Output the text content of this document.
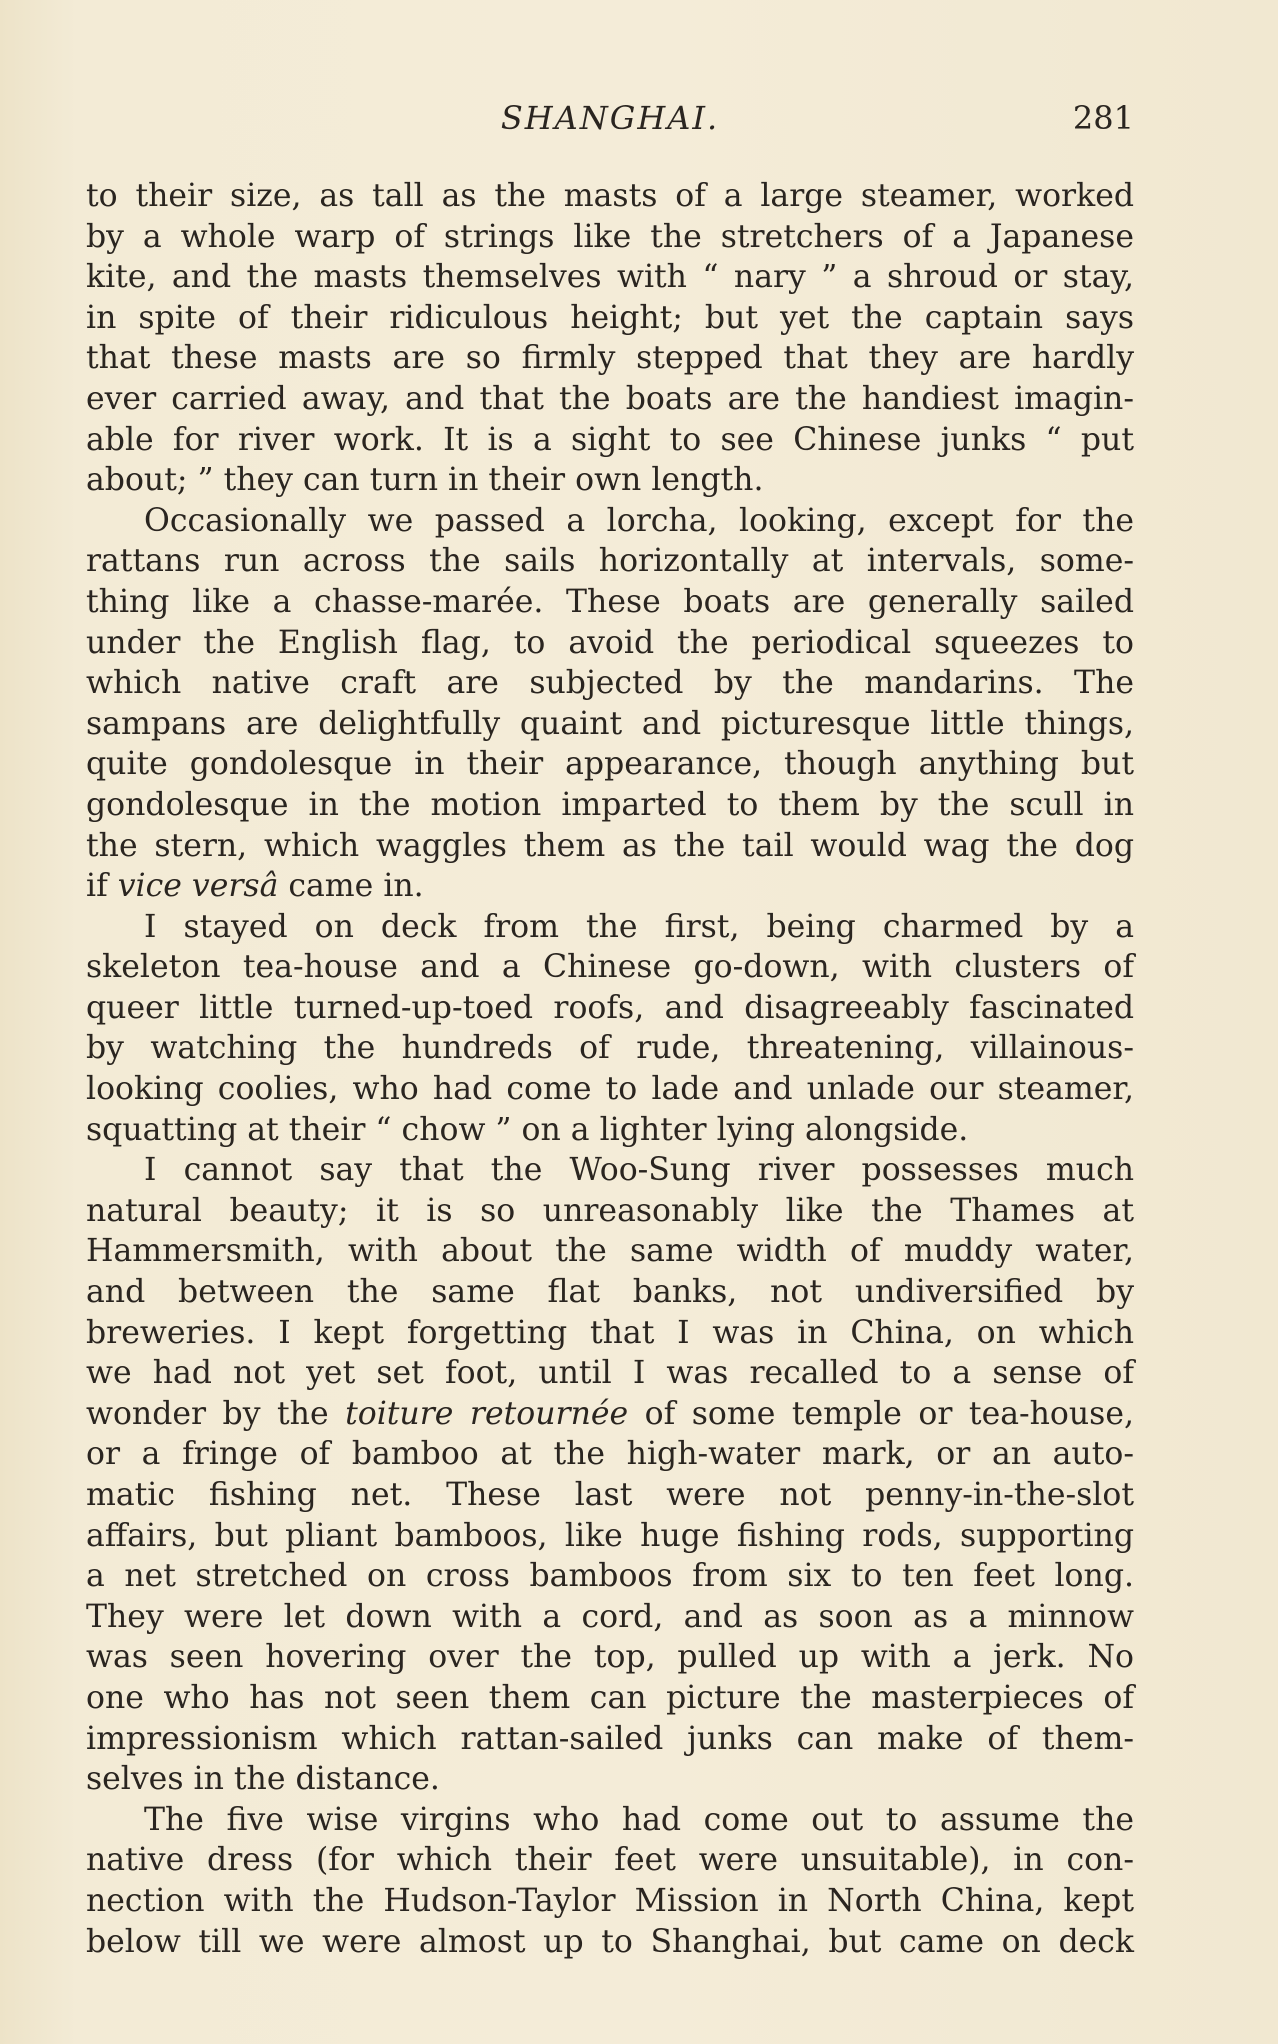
SHANGHAI.	281
to their size, as tall as the masts of a large steamer, worked
by a whole warp of strings like the stretchers of a Japanese
kite, and the masts themselves with “ nary ” a shroud or stay,
in spite of their ridiculous height; but yet the captain says
that these masts are so firmly stepped that they are hardly
ever carried away, and that the boats are the handiest imagin-
able for river work. It is a sight to see Chinese junks “ put
about; ” they can turn in their own length.
Occasionally we passed a lorcha, looking, except for the
rattans run across the sails horizontally at intervals, some-
thing like a chasse-marée. These boats are generally sailed
under the English flag, to avoid the periodical squeezes to
which native craft are subjected by the mandarins. The
sampans are delightfully quaint and picturesque little things,
quite gondolesque in their appearance, though anything but
gondolesque in the motion imparted to them by the scull in
the stern, which waggles them as the tail would wag the dog
if vice versâ came in.
I stayed on deck from the first, being charmed by a
skeleton tea-house and a Chinese go-down, with clusters of
queer little turned-up-toed roofs, and disagreeably fascinated
by watching the hundreds of rude, threatening, villainous-
looking coolies, who had come to lade and unlade our steamer,
squatting at their “ chow ” on a lighter lying alongside.
I cannot say that the Woo-Sung river possesses much
natural beauty; it is so unreasonably like the Thames at
Hammersmith, with about the same width of muddy water,
and between the same flat banks, not undiversified by
breweries. I kept forgetting that I was in China, on which
we had not yet set foot, until I was recalled to a sense of
wonder by the toiture retournée of some temple or tea-house,
or a fringe of bamboo at the high-water mark, or an auto-
matic fishing net. These last were not penny-in-the-slot
affairs, but pliant bamboos, like huge fishing rods, supporting
a net stretched on cross bamboos from six to ten feet long.
They were let down with a cord, and as soon as a minnow
was seen hovering over the top, pulled up with a jerk. No
one who has not seen them can picture the masterpieces of
impressionism which rattan-sailed junks can make of them-
selves in the distance.
The five wise virgins who had come out to assume the
native dress (for which their feet were unsuitable), in con-
nection with the Hudson-Taylor Mission in North China, kept
below till we were almost up to Shanghai, but came on deck
